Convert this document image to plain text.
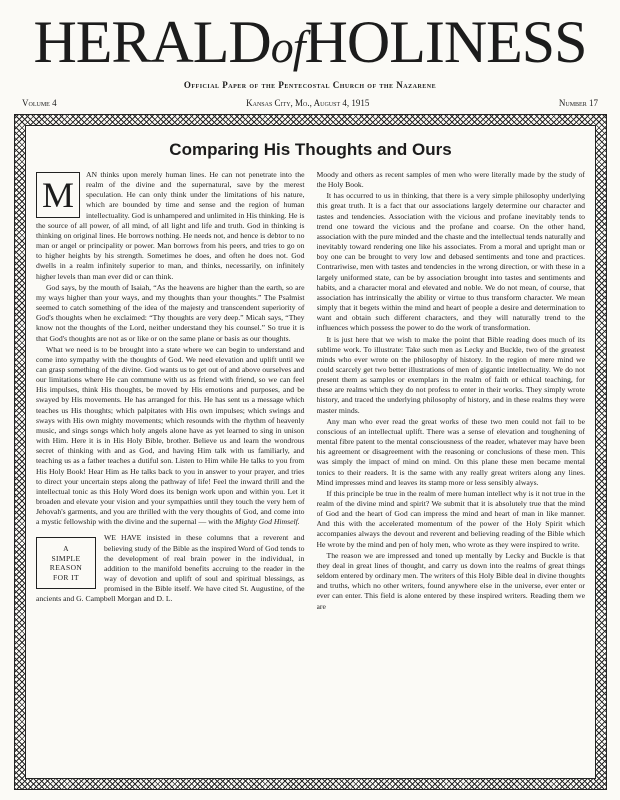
HERALDofHOLINESS
Official Paper of the Pentecostal Church of the Nazarene
Volume 4	Kansas City, Mo., August 4, 1915	Number 17
Comparing His Thoughts and Ours
M

AN thinks upon merely human lines. He can not penetrate into the realm of the divine and the supernatural, save by the merest speculation. He can only think under the limitations of his nature, which are bounded by time and sense and the region of human intellectuality. God is unhampered and unlimited in His thinking. He is the source of all power, of all mind, of all light and life and truth. God in thinking is thinking on original lines. He borrows nothing. He needs not, and hence is debtor to no man or angel or principality or power. Man borrows from his peers, and tries to go on to higher heights by his strength. Sometimes he does, and often he does not. God dwells in a realm infinitely superior to man, and thinks, necessarily, on infinitely higher levels than man ever did or can think.

God says, by the mouth of Isaiah, “As the heavens are higher than the earth, so are my ways higher than your ways, and my thoughts than your thoughts.” The Psalmist seemed to catch something of the idea of the majesty and transcendent superiority of God's thoughts when he exclaimed: “Thy thoughts are very deep.” Micah says, “They know not the thoughts of the Lord, neither understand they his counsel.” So true it is that God's thoughts are not as or like or on the same plane or basis as our thoughts.

What we need is to be brought into a state where we can begin to understand and come into sympathy with the thoughts of God. We need elevation and uplift until we can grasp something of the divine. God wants us to get out of and above ourselves and our limitations where He can commune with us as friend with friend, so we can feel His impulses, think His thoughts, be moved by His emotions and purposes, and be swayed by His movements. He has arranged for this. He has sent us a message which teaches us His thoughts; which palpitates with His own impulses; which swings and sways with His own mighty movements; which resounds with the rhythm of heavenly music, and sings songs which holy angels alone have as yet learned to sing in unison with Him. Here it is in His Holy Bible, brother. Believe us and learn the wondrous secret of thinking with and as God, and having Him talk with us familiarly, and teaching us as a father teaches a dutiful son. Listen to Him while He talks to you from His Holy Book! Hear Him as He talks back to you in answer to your prayer, and tries to direct your uncertain steps along the pathway of life! Feel the inward thrill and the intellectual tonic as this Holy Word does its benign work upon and within you. Let it broaden and elevate your vision and your sympathies until they touch the very hem of Jehovah's garments, and you are thrilled with the very thoughts of God, and come into a mystic fellowship with the divine and the supernal — with the Mighty God Himself.

A
SIMPLE
REASON
FOR IT

WE HAVE insisted in these columns that a reverent and believing study of the Bible as the inspired Word of God tends to the development of real brain power in the individual, in addition to the manifold benefits accruing to the reader in the way of devotion and uplift of soul and spiritual blessings, as promised in the Bible itself. We have cited St. Augustine, of the ancients and G. Campbell Morgan and D. L.

Moody and others as recent samples of men who were literally made by the study of the Holy Book.

It has occurred to us in thinking, that there is a very simple philosophy underlying this great truth. It is a fact that our associations largely determine our character and tastes and tendencies. Association with the vicious and profane inevitably tends to trend one toward the vicious and the profane and coarse. On the other hand, association with the pure minded and the chaste and the intellectual tends naturally and inevitably toward rendering one like his associates. From a moral and upright man or boy one can be brought to very low and debased sentiments and tone and practices. Contrariwise, men with tastes and tendencies in the wrong direction, or with these in a largely uniformed state, can be by association brought into tastes and sentiments and habits, and a character moral and elevated and noble. We do not mean, of course, that association has intrinsically the ability or virtue to thus transform character. We mean simply that it begets within the mind and heart of people a desire and determination to want and obtain such different characters, and they will naturally trend to the influences which possess the power to do the work of transformation.

It is just here that we wish to make the point that Bible reading does much of its sublime work. To illustrate: Take such men as Lecky and Buckle, two of the greatest minds who ever wrote on the philosophy of history. In the region of mere mind we could scarcely get two better illustrations of men of gigantic intellectuality. We do not present them as samples or exemplars in the realm of faith or ethical teaching, for these are realms which they do not profess to enter in their works. They simply wrote history, and traced the underlying philosophy of history, and in these realms they were master minds.

Any man who ever read the great works of these two men could not fail to be conscious of an intellectual uplift. There was a sense of elevation and toughening of mental fibre patent to the mental consciousness of the reader, whatever may have been his agreement or disagreement with the reasoning or conclusions of these men. This was simply the impact of mind on mind. On this plane these men became mental tonics to their readers. It is the same with any really great writers along any lines. Mind impresses mind and leaves its stamp more or less sensibly always.

If this principle be true in the realm of mere human intellect why is it not true in the realm of the divine mind and spirit? We submit that it is absolutely true that the mind of God and the heart of God can impress the mind and heart of man in like manner. And this with the accelerated momentum of the power of the Holy Spirit which accompanies always the devout and reverent and believing reading of the Bible which He wrote by the mind and pen of holy men, who wrote as they were inspired to write.

The reason we are impressed and toned up mentally by Lecky and Buckle is that they deal in great lines of thought, and carry us down into the realms of great things seldom entered by ordinary men. The writers of this Holy Bible deal in divine thoughts and truths, which no other writers, found anywhere else in the universe, ever enter or ever can enter. This field is alone entered by these inspired writers. Reading them we are
